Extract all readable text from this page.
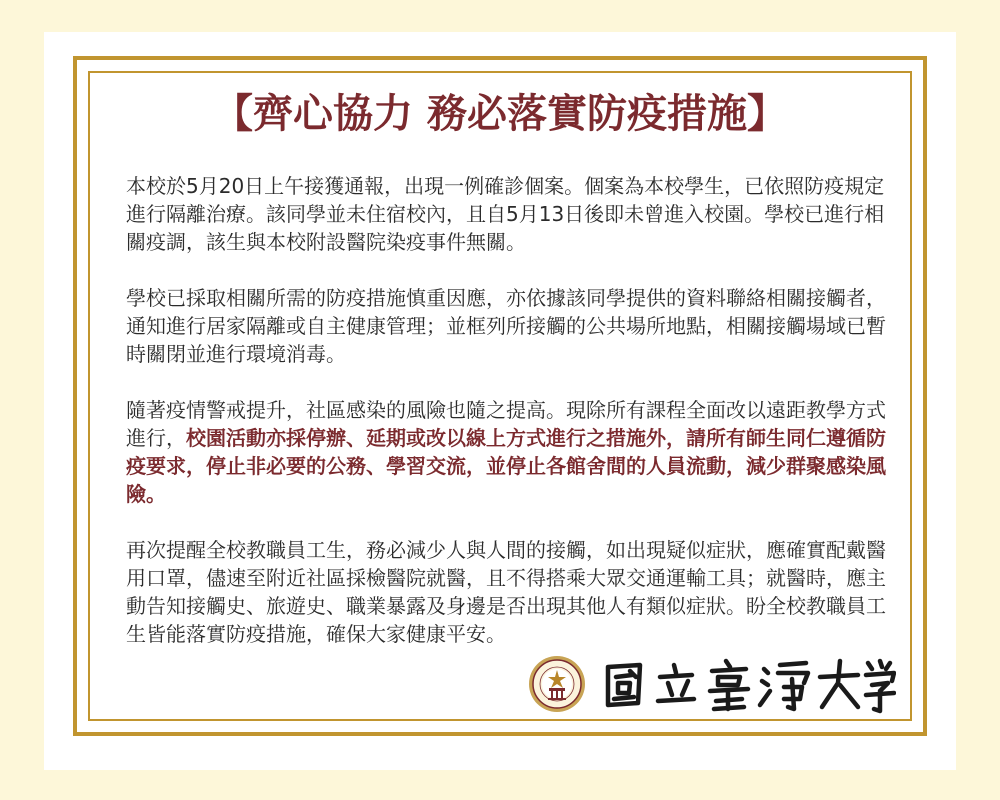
【齊心協力 務必落實防疫措施】

本校於5月20日上午接獲通報，出現一例確診個案。個案為本校學生，已依照防疫規定進行隔離治療。該同學並未住宿校內，且自5月13日後即未曾進入校園。學校已進行相關疫調，該生與本校附設醫院染疫事件無關。

學校已採取相關所需的防疫措施慎重因應，亦依據該同學提供的資料聯絡相關接觸者，通知進行居家隔離或自主健康管理；並框列所接觸的公共場所地點，相關接觸場域已暫時關閉並進行環境消毒。

隨著疫情警戒提升，社區感染的風險也隨之提高。現除所有課程全面改以遠距教學方式進行，校園活動亦採停辦、延期或改以線上方式進行之措施外，請所有師生同仁遵循防疫要求，停止非必要的公務、學習交流，並停止各館舍間的人員流動，減少群聚感染風險。

再次提醒全校教職員工生，務必減少人與人間的接觸，如出現疑似症狀，應確實配戴醫用口罩，儘速至附近社區採檢醫院就醫，且不得搭乘大眾交通運輸工具；就醫時，應主動告知接觸史、旅遊史、職業暴露及身邊是否出現其他人有類似症狀。盼全校教職員工生皆能落實防疫措施，確保大家健康平安。
